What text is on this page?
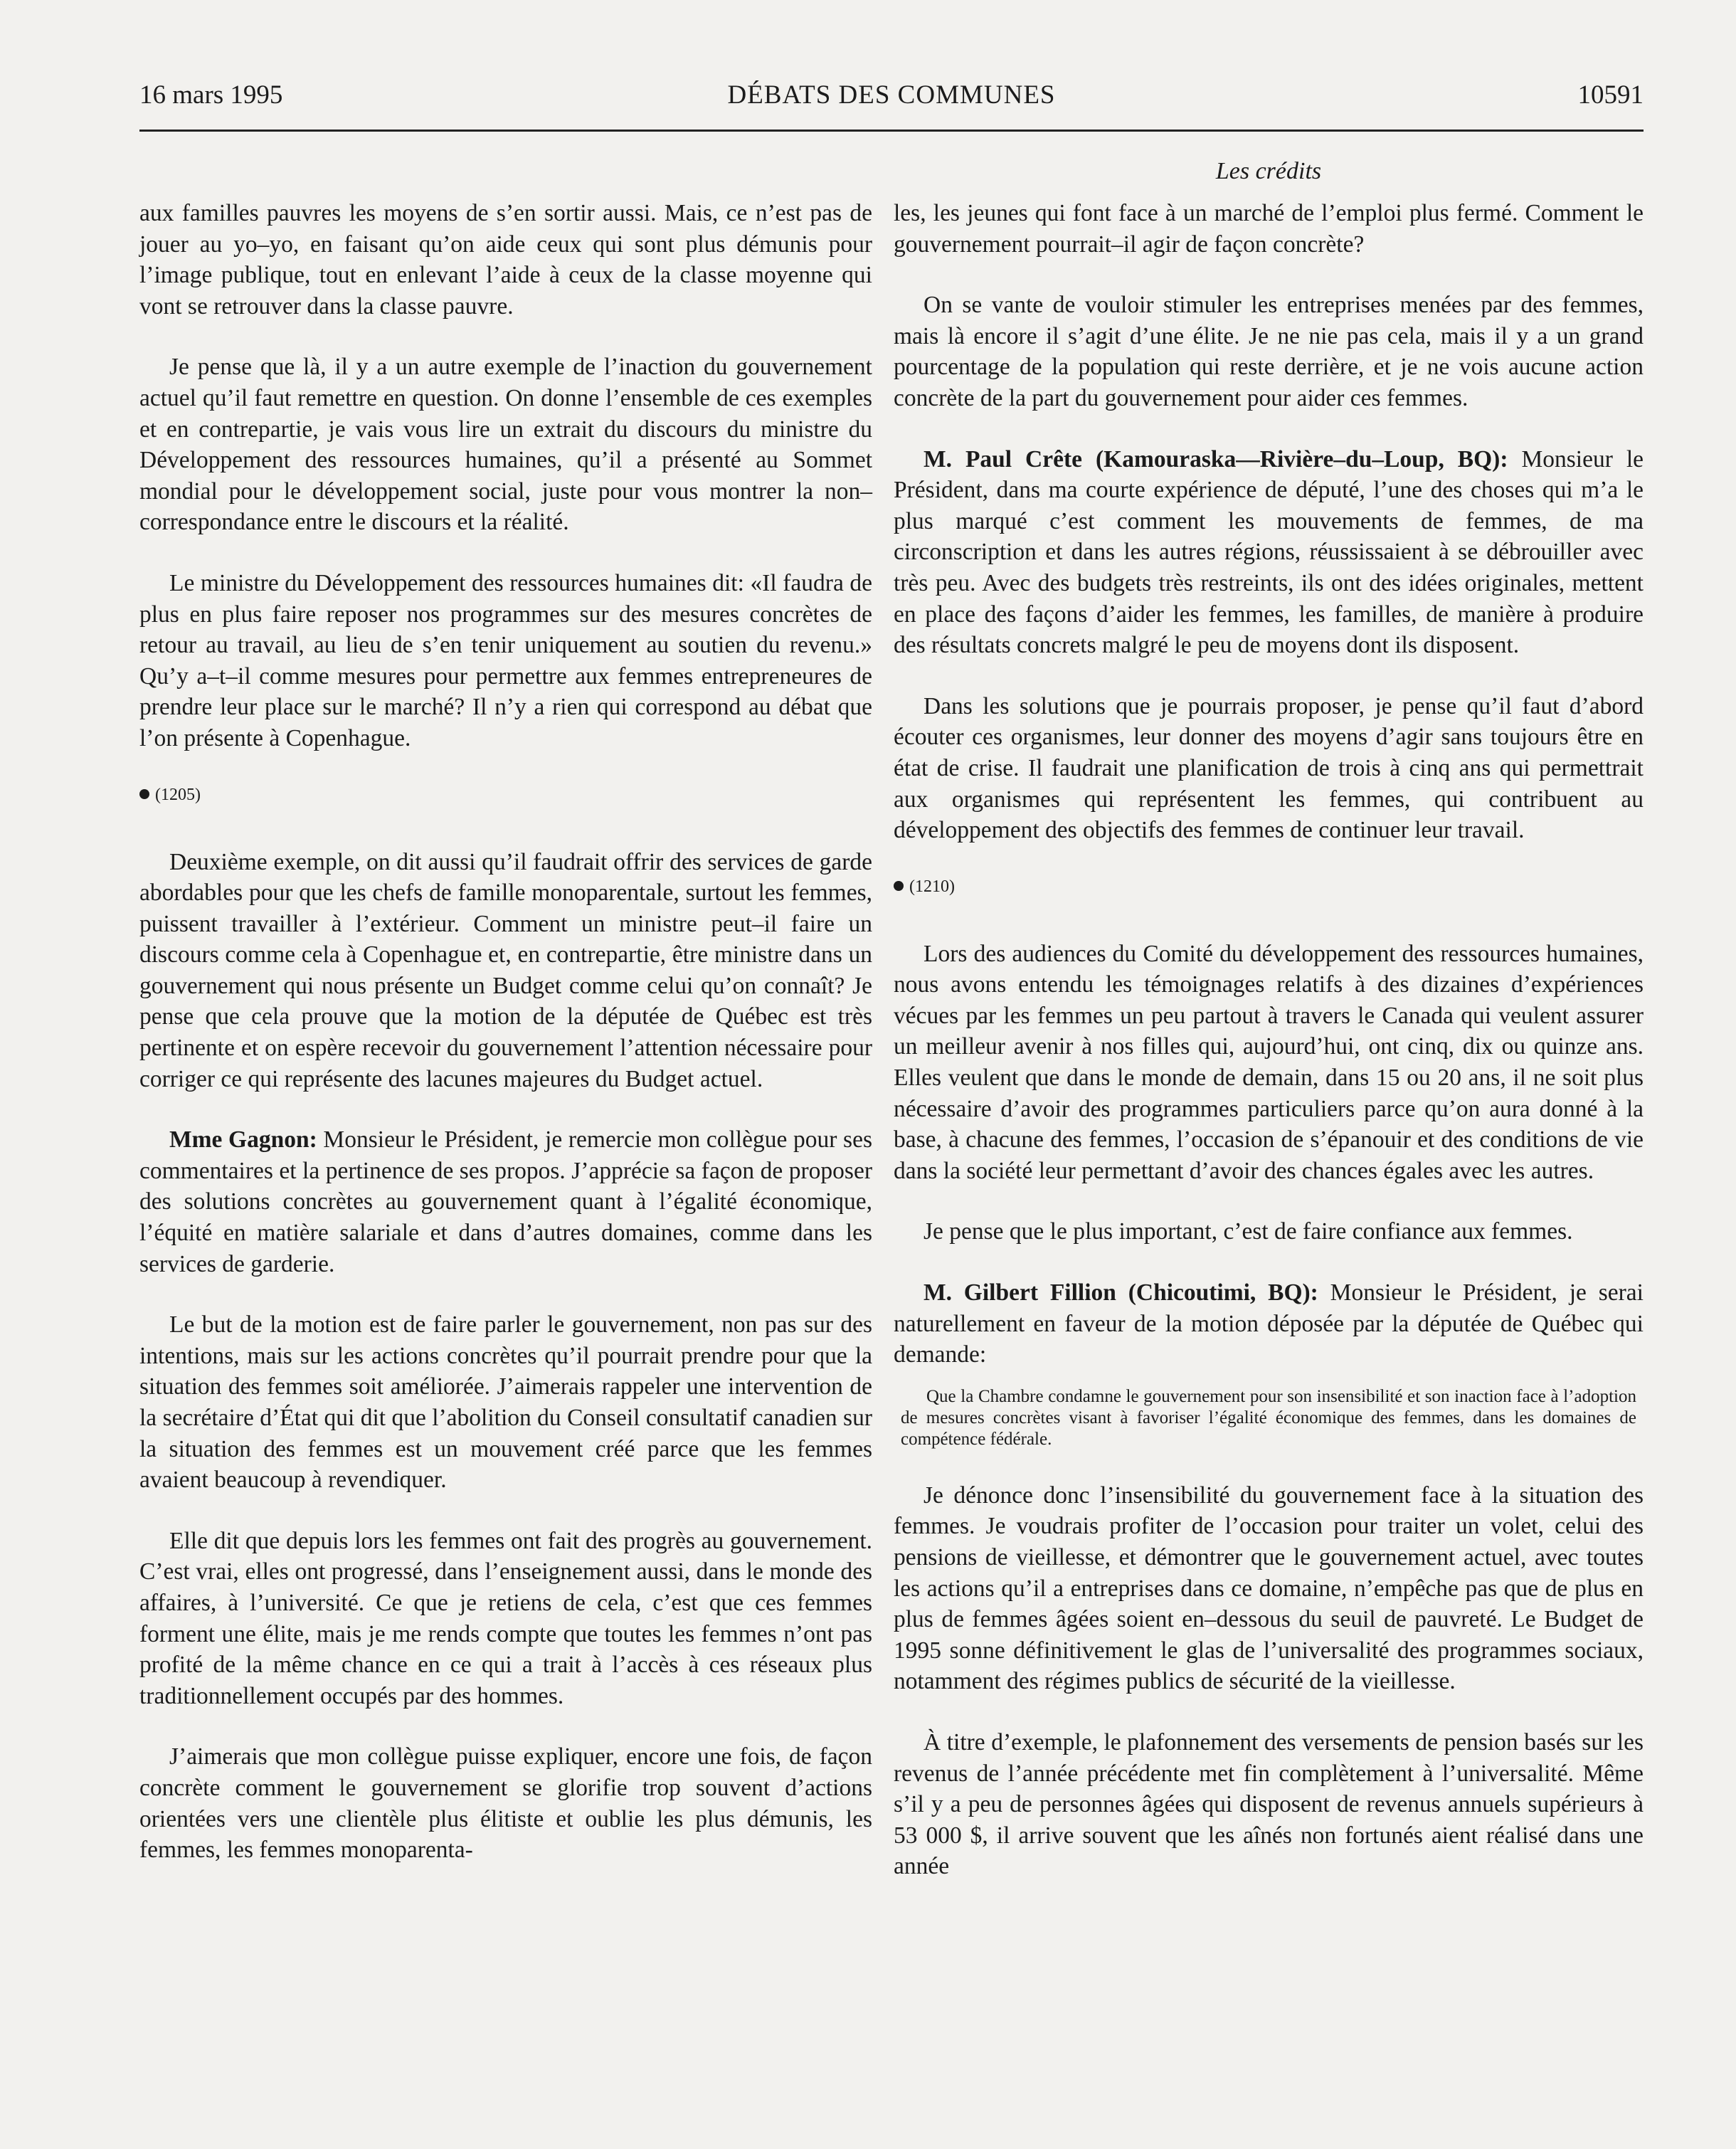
16 mars 1995	DÉBATS DES COMMUNES	10591
Les crédits

aux familles pauvres les moyens de s’en sortir aussi. Mais, ce n’est pas de jouer au yo–yo, en faisant qu’on aide ceux qui sont plus démunis pour l’image publique, tout en enlevant l’aide à ceux de la classe moyenne qui vont se retrouver dans la classe pauvre.

Je pense que là, il y a un autre exemple de l’inaction du gouvernement actuel qu’il faut remettre en question. On donne l’ensemble de ces exemples et en contrepartie, je vais vous lire un extrait du discours du ministre du Développement des ressources humaines, qu’il a présenté au Sommet mondial pour le développement social, juste pour vous montrer la non–correspondance entre le discours et la réalité.

Le ministre du Développement des ressources humaines dit: «Il faudra de plus en plus faire reposer nos programmes sur des mesures concrètes de retour au travail, au lieu de s’en tenir uniquement au soutien du revenu.» Qu’y a–t–il comme mesures pour permettre aux femmes entrepreneures de prendre leur place sur le marché? Il n’y a rien qui correspond au débat que l’on présente à Copenhague.

(1205)

Deuxième exemple, on dit aussi qu’il faudrait offrir des services de garde abordables pour que les chefs de famille monoparentale, surtout les femmes, puissent travailler à l’extérieur. Comment un ministre peut–il faire un discours comme cela à Copenhague et, en contrepartie, être ministre dans un gouvernement qui nous présente un Budget comme celui qu’on connaît? Je pense que cela prouve que la motion de la députée de Québec est très pertinente et on espère recevoir du gouvernement l’attention nécessaire pour corriger ce qui représente des lacunes majeures du Budget actuel.

Mme Gagnon: Monsieur le Président, je remercie mon collègue pour ses commentaires et la pertinence de ses propos. J’apprécie sa façon de proposer des solutions concrètes au gouvernement quant à l’égalité économique, l’équité en matière salariale et dans d’autres domaines, comme dans les services de garderie.

Le but de la motion est de faire parler le gouvernement, non pas sur des intentions, mais sur les actions concrètes qu’il pourrait prendre pour que la situation des femmes soit améliorée. J’aimerais rappeler une intervention de la secrétaire d’État qui dit que l’abolition du Conseil consultatif canadien sur la situation des femmes est un mouvement créé parce que les femmes avaient beaucoup à revendiquer.

Elle dit que depuis lors les femmes ont fait des progrès au gouvernement. C’est vrai, elles ont progressé, dans l’enseignement aussi, dans le monde des affaires, à l’université. Ce que je retiens de cela, c’est que ces femmes forment une élite, mais je me rends compte que toutes les femmes n’ont pas profité de la même chance en ce qui a trait à l’accès à ces réseaux plus traditionnellement occupés par des hommes.

J’aimerais que mon collègue puisse expliquer, encore une fois, de façon concrète comment le gouvernement se glorifie trop souvent d’actions orientées vers une clientèle plus élitiste et oublie les plus démunis, les femmes, les femmes monoparenta-

les, les jeunes qui font face à un marché de l’emploi plus fermé. Comment le gouvernement pourrait–il agir de façon concrète?

On se vante de vouloir stimuler les entreprises menées par des femmes, mais là encore il s’agit d’une élite. Je ne nie pas cela, mais il y a un grand pourcentage de la population qui reste derrière, et je ne vois aucune action concrète de la part du gouvernement pour aider ces femmes.

M. Paul Crête (Kamouraska—Rivière–du–Loup, BQ): Monsieur le Président, dans ma courte expérience de député, l’une des choses qui m’a le plus marqué c’est comment les mouvements de femmes, de ma circonscription et dans les autres régions, réussissaient à se débrouiller avec très peu. Avec des budgets très restreints, ils ont des idées originales, mettent en place des façons d’aider les femmes, les familles, de manière à produire des résultats concrets malgré le peu de moyens dont ils disposent.

Dans les solutions que je pourrais proposer, je pense qu’il faut d’abord écouter ces organismes, leur donner des moyens d’agir sans toujours être en état de crise. Il faudrait une planification de trois à cinq ans qui permettrait aux organismes qui représentent les femmes, qui contribuent au développement des objectifs des femmes de continuer leur travail.

(1210)

Lors des audiences du Comité du développement des ressources humaines, nous avons entendu les témoignages relatifs à des dizaines d’expériences vécues par les femmes un peu partout à travers le Canada qui veulent assurer un meilleur avenir à nos filles qui, aujourd’hui, ont cinq, dix ou quinze ans. Elles veulent que dans le monde de demain, dans 15 ou 20 ans, il ne soit plus nécessaire d’avoir des programmes particuliers parce qu’on aura donné à la base, à chacune des femmes, l’occasion de s’épanouir et des conditions de vie dans la société leur permettant d’avoir des chances égales avec les autres.

Je pense que le plus important, c’est de faire confiance aux femmes.

M. Gilbert Fillion (Chicoutimi, BQ): Monsieur le Président, je serai naturellement en faveur de la motion déposée par la députée de Québec qui demande:

Que la Chambre condamne le gouvernement pour son insensibilité et son inaction face à l’adoption de mesures concrètes visant à favoriser l’égalité économique des femmes, dans les domaines de compétence fédérale.

Je dénonce donc l’insensibilité du gouvernement face à la situation des femmes. Je voudrais profiter de l’occasion pour traiter un volet, celui des pensions de vieillesse, et démontrer que le gouvernement actuel, avec toutes les actions qu’il a entreprises dans ce domaine, n’empêche pas que de plus en plus de femmes âgées soient en–dessous du seuil de pauvreté. Le Budget de 1995 sonne définitivement le glas de l’universalité des programmes sociaux, notamment des régimes publics de sécurité de la vieillesse.

À titre d’exemple, le plafonnement des versements de pension basés sur les revenus de l’année précédente met fin complètement à l’universalité. Même s’il y a peu de personnes âgées qui disposent de revenus annuels supérieurs à 53 000 $, il arrive souvent que les aînés non fortunés aient réalisé dans une année
